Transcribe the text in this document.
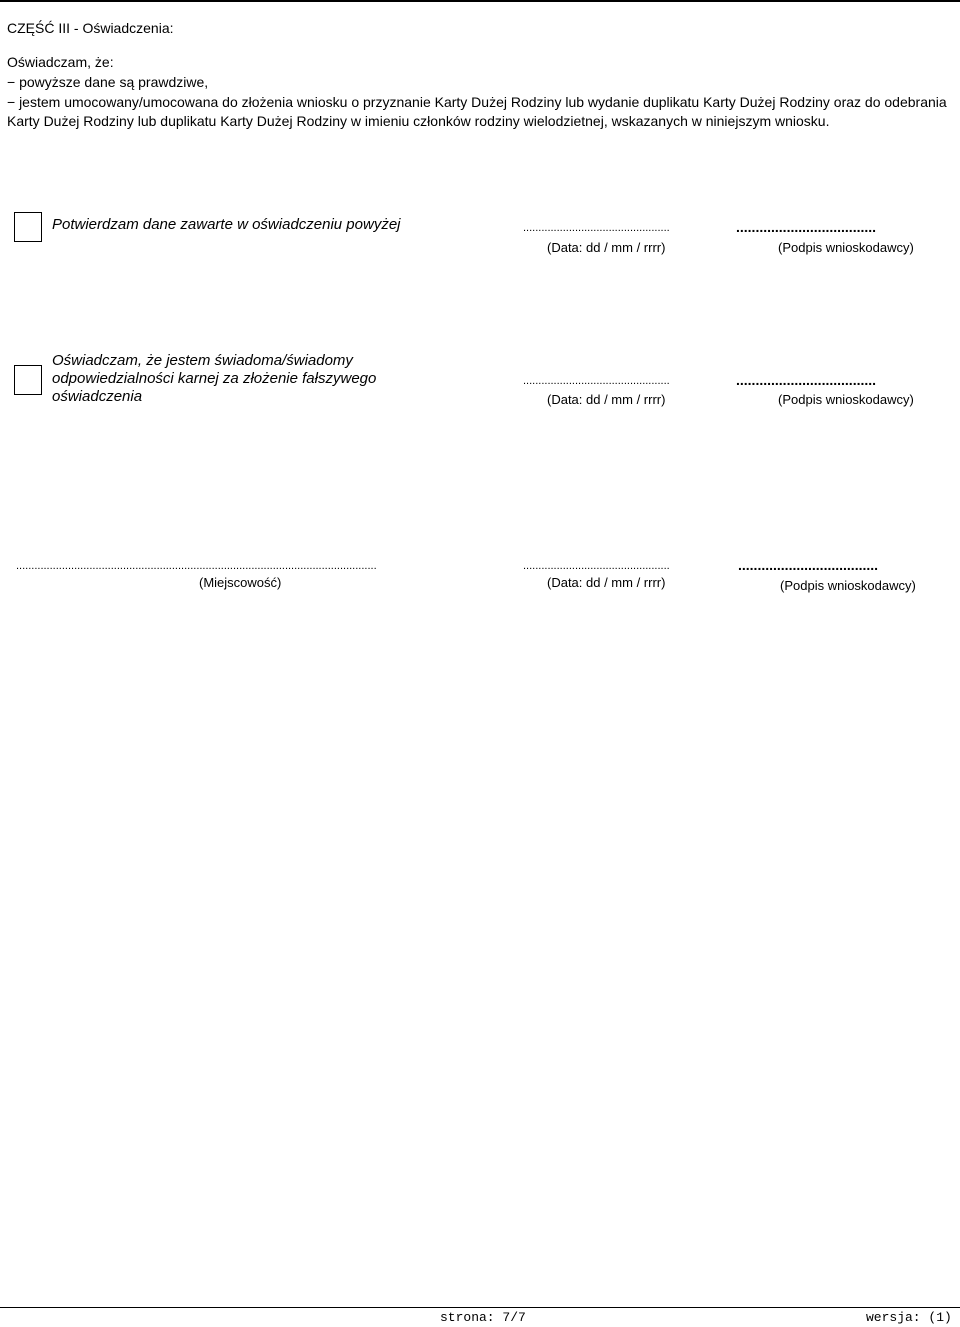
CZĘŚĆ III - Oświadczenia:
Oświadczam, że:
− powyższe dane są prawdziwe,
− jestem umocowany/umocowana do złożenia wniosku o przyznanie Karty Dużej Rodziny lub wydanie duplikatu Karty Dużej Rodziny oraz do odebrania Karty Dużej Rodziny lub duplikatu Karty Dużej Rodziny w imieniu członków rodziny wielodzietnej, wskazanych w niniejszym wniosku.
Potwierdzam dane zawarte w oświadczeniu powyżej	................................................
(Data: dd / mm / rrrr)
....................................
(Podpis wnioskodawcy)
Oświadczam, że jestem świadoma/świadomy odpowiedzialności karnej za złożenie fałszywego oświadczenia
................................................
(Data: dd / mm / rrrr)
....................................
(Podpis wnioskodawcy)
......................................................................................................................
(Miejscowość)
................................................
(Data: dd / mm / rrrr)
....................................
(Podpis wnioskodawcy)
strona: 7/7	wersja: (1)
